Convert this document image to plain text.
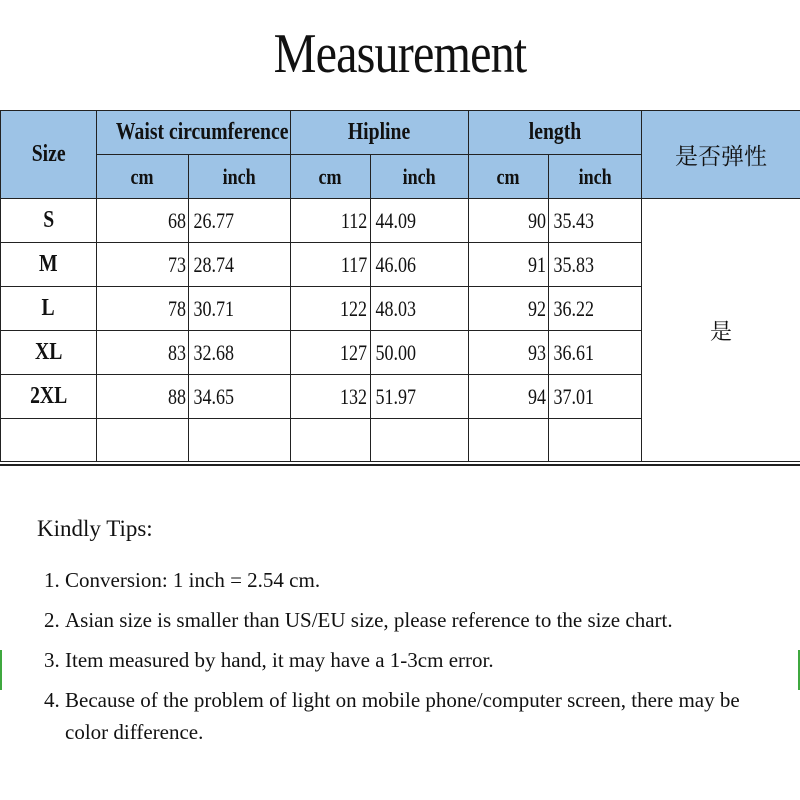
Measurement
Size	Waist circumference		Hipline		length		是否弹性
	cm	inch	cm	inch	cm	inch	
S	68	26.77	112	44.09	90	35.43	是
M	73	28.74	117	46.06	91	35.83	
L	78	30.71	122	48.03	92	36.22	
XL	83	32.68	127	50.00	93	36.61	
2XL	88	34.65	132	51.97	94	37.01	

Kindly Tips:
1. Conversion: 1 inch = 2.54 cm.
2. Asian size is smaller than US/EU size, please reference to the size chart.
3. Item measured by hand, it may have a 1-3cm error.
4. Because of the problem of light on mobile phone/computer screen, there may be color difference.
